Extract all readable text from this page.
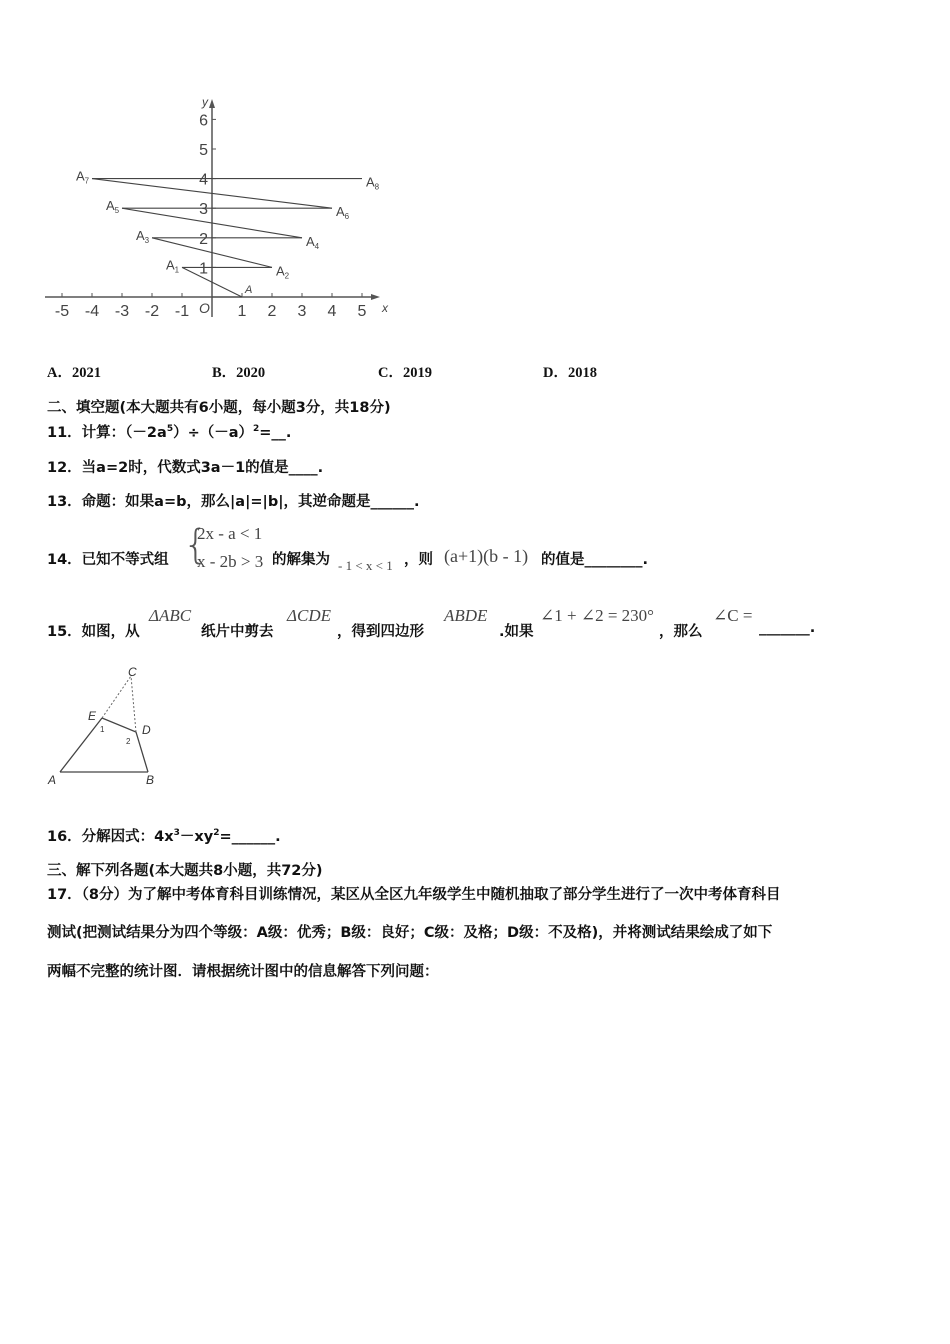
x
y
O
-5 -4 -3 -2 -1	1 2 3 4 5
6
5
4
3
2
1
A
$A_1$	$A_2$
$A_3$	$A_4$
$A_5$	$A_6$
$A_7$	$A_8$
A．2021	B．2020	C．2019	D．2018
二、填空题(本大题共有6小题，每小题3分，共18分)
11．计算：$(-2a^5)\div(-a)^2=\_\_$.
12．当a=2时，代数式3a－1的值是____.
13．命题：如果a=b，那么|a|=|b|，其逆命题是______.
14．已知不等式组 {
2x - a < 1
x - 2b > 3 的解集为 - 1 < x < 1 ，则 (a+1)(b - 1) 的值是________.
15．如图，从
ΔABC
纸片中剪去
ΔCDE
，得到四边形
ABDE
.如果
∠1 + ∠2 = 230°
，那么
∠C =
_______.
C
E
D
A	B
1
2
16．分解因式：$4x^3-xy^2=\_\_\_\_\_\_$.
三、解下列各题(本大题共8小题，共72分)
17．（8分）为了解中考体育科目训练情况，某区从全区九年级学生中随机抽取了部分学生进行了一次中考体育科目
测试(把测试结果分为四个等级：A级：优秀；B级：良好；C级：及格；D级：不及格)，并将测试结果绘成了如下
两幅不完整的统计图．请根据统计图中的信息解答下列问题：
